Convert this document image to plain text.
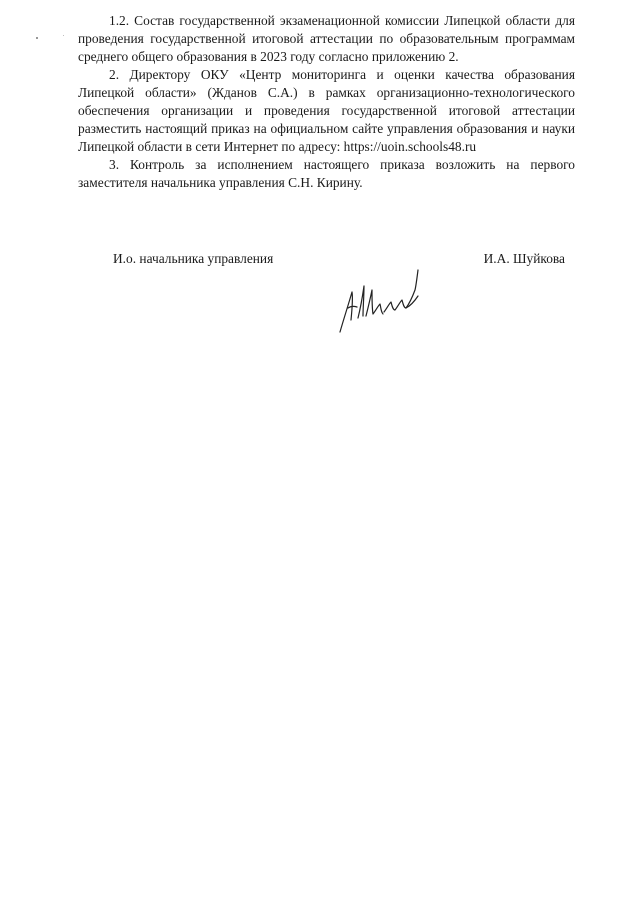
1.2. Состав государственной экзаменационной комиссии Липецкой области для проведения государственной итоговой аттестации по образовательным программам среднего общего образования в 2023 году согласно приложению 2.

2. Директору ОКУ «Центр мониторинга и оценки качества образования Липецкой области» (Жданов С.А.) в рамках организационно-технологического обеспечения организации и проведения государственной итоговой аттестации разместить настоящий приказ на официальном сайте управления образования и науки Липецкой области в сети Интернет по адресу: https://uoin.schools48.ru

3. Контроль за исполнением настоящего приказа возложить на первого заместителя начальника управления С.Н. Кирину.

И.о. начальника управления	И.А. Шуйкова
